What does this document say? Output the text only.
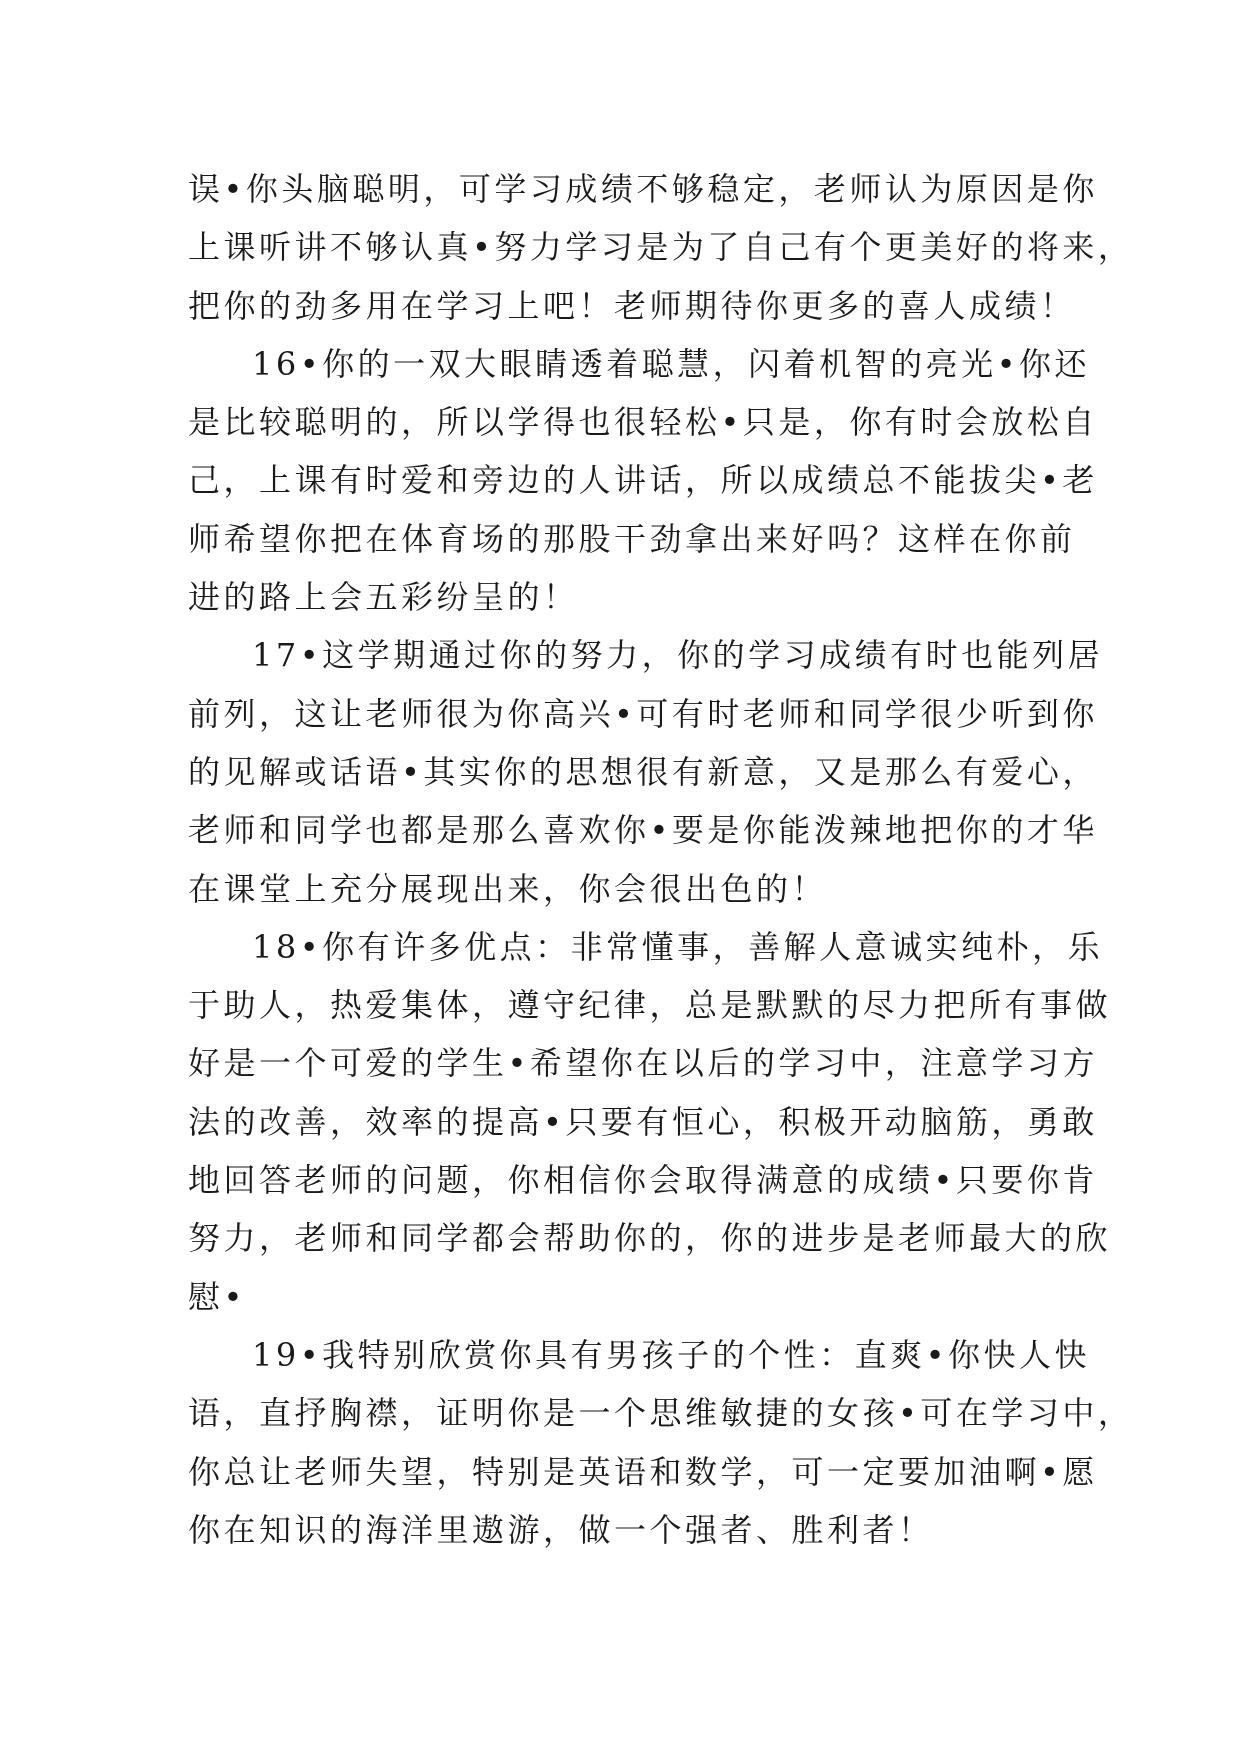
误•你头脑聪明，可学习成绩不够稳定，老师认为原因是你
上课听讲不够认真•努力学习是为了自己有个更美好的将来，
把你的劲多用在学习上吧！老师期待你更多的喜人成绩！
16•你的一双大眼睛透着聪慧，闪着机智的亮光•你还
是比较聪明的，所以学得也很轻松•只是，你有时会放松自
己，上课有时爱和旁边的人讲话，所以成绩总不能拔尖•老
师希望你把在体育场的那股干劲拿出来好吗？这样在你前
进的路上会五彩纷呈的！
17•这学期通过你的努力，你的学习成绩有时也能列居
前列，这让老师很为你高兴•可有时老师和同学很少听到你
的见解或话语•其实你的思想很有新意，又是那么有爱心，
老师和同学也都是那么喜欢你•要是你能泼辣地把你的才华
在课堂上充分展现出来，你会很出色的！
18•你有许多优点：非常懂事，善解人意诚实纯朴，乐
于助人，热爱集体，遵守纪律，总是默默的尽力把所有事做
好是一个可爱的学生•希望你在以后的学习中，注意学习方
法的改善，效率的提高•只要有恒心，积极开动脑筋，勇敢
地回答老师的问题，你相信你会取得满意的成绩•只要你肯
努力，老师和同学都会帮助你的，你的进步是老师最大的欣
慰•
19•我特别欣赏你具有男孩子的个性：直爽•你快人快
语，直抒胸襟，证明你是一个思维敏捷的女孩•可在学习中，
你总让老师失望，特别是英语和数学，可一定要加油啊•愿
你在知识的海洋里遨游，做一个强者、胜利者！
